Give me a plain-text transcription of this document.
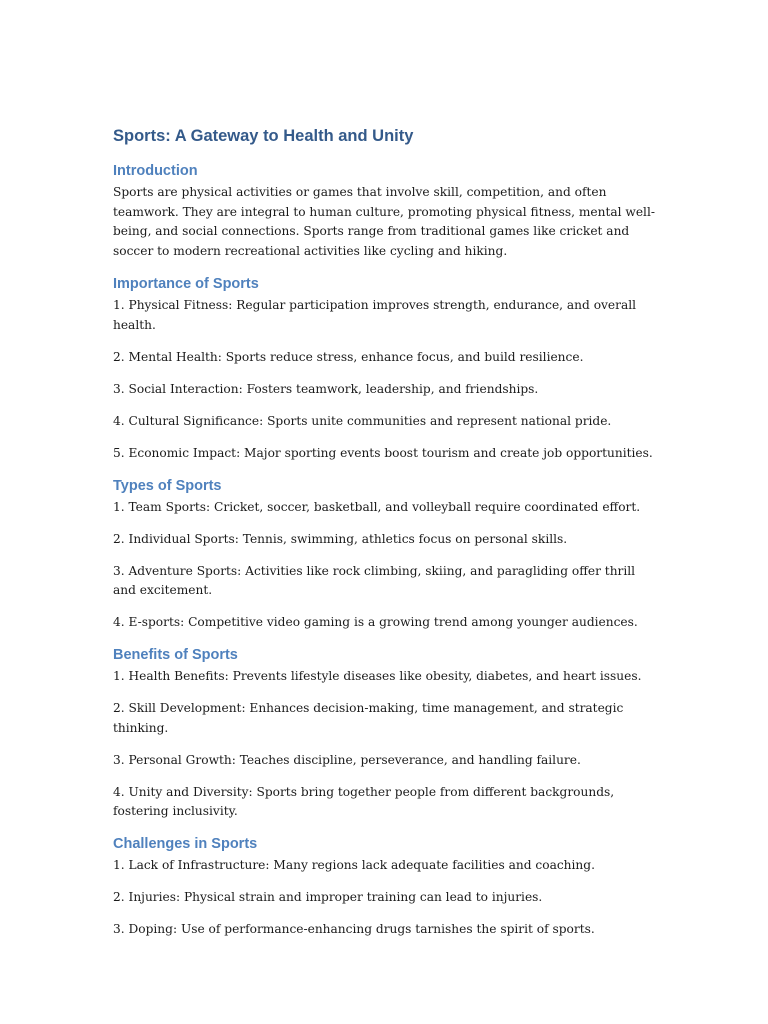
Sports: A Gateway to Health and Unity
Introduction

Sports are physical activities or games that involve skill, competition, and often teamwork. They are integral to human culture, promoting physical fitness, mental well-being, and social connections. Sports range from traditional games like cricket and soccer to modern recreational activities like cycling and hiking.

Importance of Sports

1. Physical Fitness: Regular participation improves strength, endurance, and overall health.

2. Mental Health: Sports reduce stress, enhance focus, and build resilience.

3. Social Interaction: Fosters teamwork, leadership, and friendships.

4. Cultural Significance: Sports unite communities and represent national pride.

5. Economic Impact: Major sporting events boost tourism and create job opportunities.

Types of Sports

1. Team Sports: Cricket, soccer, basketball, and volleyball require coordinated effort.

2. Individual Sports: Tennis, swimming, athletics focus on personal skills.

3. Adventure Sports: Activities like rock climbing, skiing, and paragliding offer thrill and excitement.

4. E-sports: Competitive video gaming is a growing trend among younger audiences.

Benefits of Sports

1. Health Benefits: Prevents lifestyle diseases like obesity, diabetes, and heart issues.

2. Skill Development: Enhances decision-making, time management, and strategic thinking.

3. Personal Growth: Teaches discipline, perseverance, and handling failure.

4. Unity and Diversity: Sports bring together people from different backgrounds, fostering inclusivity.

Challenges in Sports

1. Lack of Infrastructure: Many regions lack adequate facilities and coaching.

2. Injuries: Physical strain and improper training can lead to injuries.

3. Doping: Use of performance-enhancing drugs tarnishes the spirit of sports.
